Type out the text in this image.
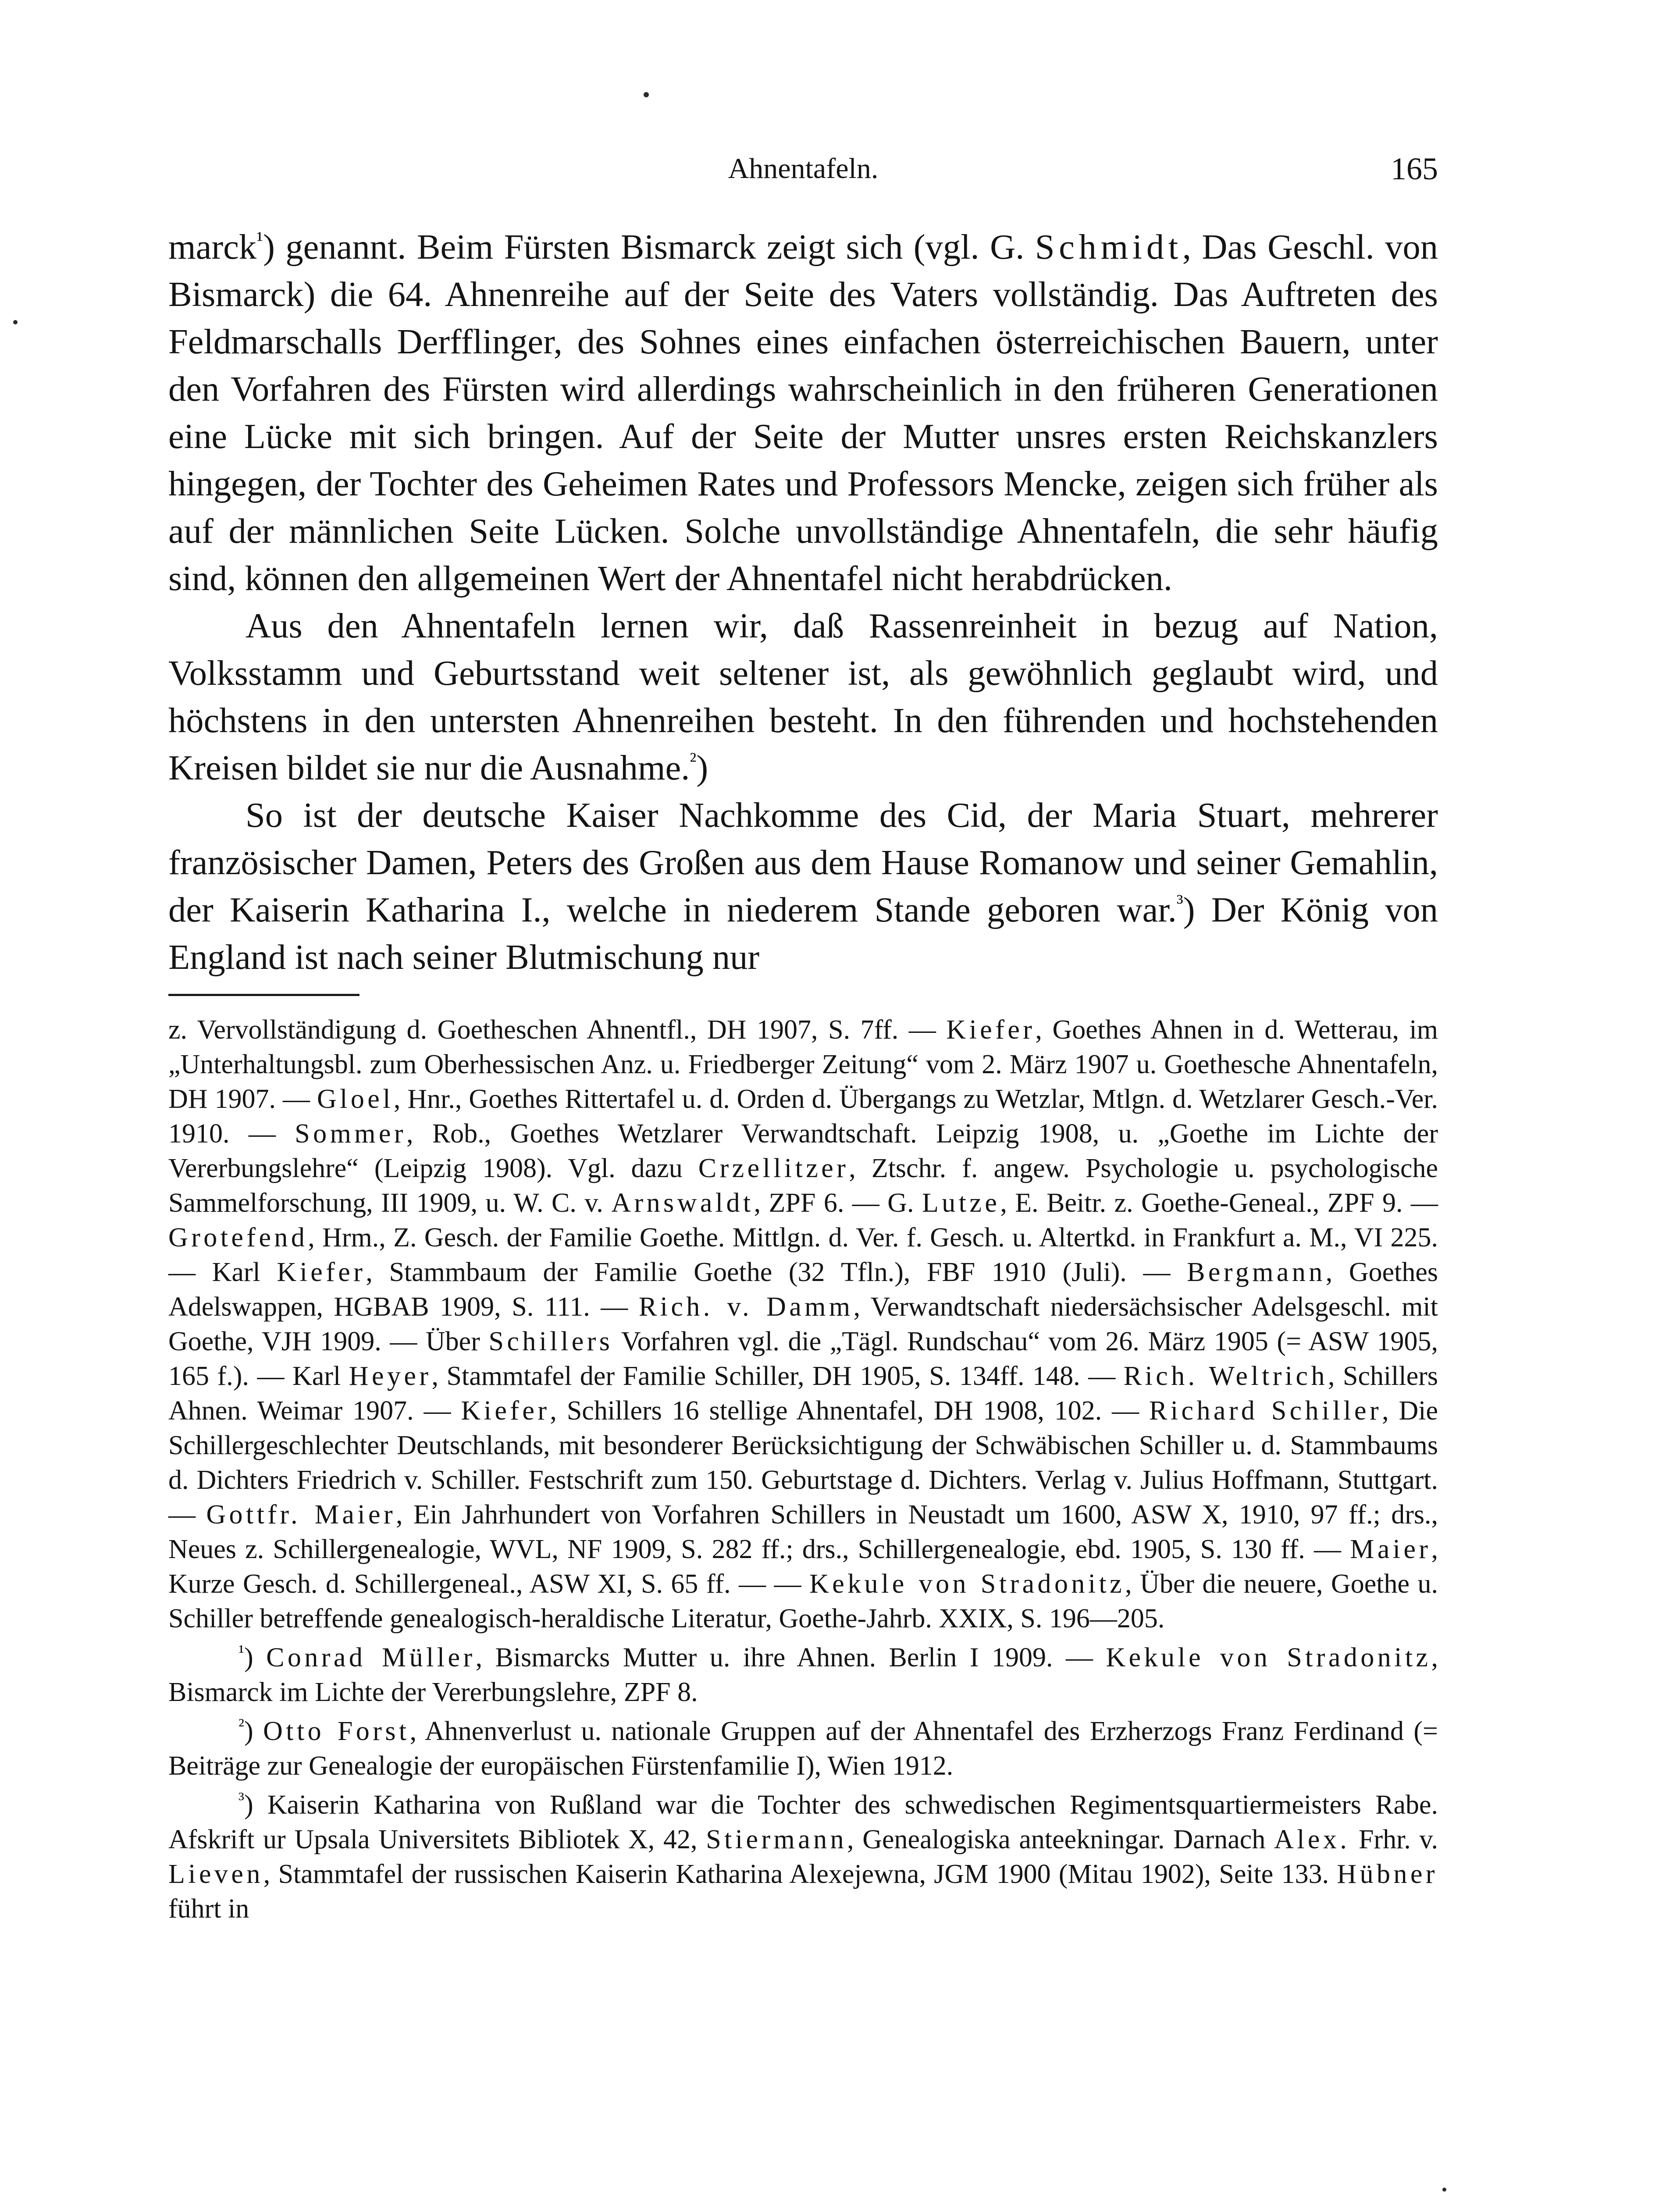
Ahnentafeln.	165

marck$^{^1}$) genannt. Beim Fürsten Bismarck zeigt sich (vgl. G. Schmidt, Das Geschl. von Bismarck) die 64. Ahnenreihe auf der Seite des Vaters vollständig. Das Auftreten des Feldmarschalls Derfflinger, des Sohnes eines einfachen österreichischen Bauern, unter den Vorfahren des Fürsten wird allerdings wahrscheinlich in den früheren Generationen eine Lücke mit sich bringen. Auf der Seite der Mutter unsres ersten Reichskanzlers hingegen, der Tochter des Geheimen Rates und Professors Mencke, zeigen sich früher als auf der männlichen Seite Lücken. Solche unvollständige Ahnentafeln, die sehr häufig sind, können den allgemeinen Wert der Ahnentafel nicht herabdrücken.

Aus den Ahnentafeln lernen wir, daß Rassenreinheit in bezug auf Nation, Volksstamm und Geburtsstand weit seltener ist, als gewöhnlich geglaubt wird, und höchstens in den untersten Ahnenreihen besteht. In den führenden und hochstehenden Kreisen bildet sie nur die Ausnahme.$^{^2}$)

So ist der deutsche Kaiser Nachkomme des Cid, der Maria Stuart, mehrerer französischer Damen, Peters des Großen aus dem Hause Romanow und seiner Gemahlin, der Kaiserin Katharina I., welche in niederem Stande geboren war.$^{^3}$) Der König von England ist nach seiner Blutmischung nur

z. Vervollständigung d. Goetheschen Ahnentfl., DH 1907, S. 7ff. — Kiefer, Goethes Ahnen in d. Wetterau, im „Unterhaltungsbl. zum Oberhessischen Anz. u. Friedberger Zeitung“ vom 2. März 1907 u. Goethesche Ahnentafeln, DH 1907. — Gloel, Hnr., Goethes Rittertafel u. d. Orden d. Übergangs zu Wetzlar, Mtlgn. d. Wetzlarer Gesch.-Ver. 1910. — Sommer, Rob., Goethes Wetzlarer Verwandtschaft. Leipzig 1908, u. „Goethe im Lichte der Vererbungslehre“ (Leipzig 1908). Vgl. dazu Crzellitzer, Ztschr. f. angew. Psychologie u. psychologische Sammelforschung, III 1909, u. W. C. v. Arnswaldt, ZPF 6. — G. Lutze, E. Beitr. z. Goethe-Geneal., ZPF 9. — Grotefend, Hrm., Z. Gesch. der Familie Goethe. Mittlgn. d. Ver. f. Gesch. u. Altertkd. in Frankfurt a. M., VI 225. — Karl Kiefer, Stammbaum der Familie Goethe (32 Tfln.), FBF 1910 (Juli). — Bergmann, Goethes Adelswappen, HGBAB 1909, S. 111. — Rich. v. Damm, Verwandtschaft niedersächsischer Adelsgeschl. mit Goethe, VJH 1909. — Über Schillers Vorfahren vgl. die „Tägl. Rundschau“ vom 26. März 1905 (= ASW 1905, 165 f.). — Karl Heyer, Stammtafel der Familie Schiller, DH 1905, S. 134ff. 148. — Rich. Weltrich, Schillers Ahnen. Weimar 1907. — Kiefer, Schillers 16 stellige Ahnentafel, DH 1908, 102. — Richard Schiller, Die Schillergeschlechter Deutschlands, mit besonderer Berücksichtigung der Schwäbischen Schiller u. d. Stammbaums d. Dichters Friedrich v. Schiller. Festschrift zum 150. Geburtstage d. Dichters. Verlag v. Julius Hoffmann, Stuttgart. — Gottfr. Maier, Ein Jahrhundert von Vorfahren Schillers in Neustadt um 1600, ASW X, 1910, 97 ff.; drs., Neues z. Schillergenealogie, WVL, NF 1909, S. 282 ff.; drs., Schillergenealogie, ebd. 1905, S. 130 ff. — Maier, Kurze Gesch. d. Schillergeneal., ASW XI, S. 65 ff. — — Kekule von Stradonitz, Über die neuere, Goethe u. Schiller betreffende genealogisch-heraldische Literatur, Goethe-Jahrb. XXIX, S. 196—205.

$^{^1}$) Conrad Müller, Bismarcks Mutter u. ihre Ahnen. Berlin I 1909. — Kekule von Stradonitz, Bismarck im Lichte der Vererbungslehre, ZPF 8.

$^{^2}$) Otto Forst, Ahnenverlust u. nationale Gruppen auf der Ahnentafel des Erzherzogs Franz Ferdinand (= Beiträge zur Genealogie der europäischen Fürstenfamilie I), Wien 1912.

$^{^3}$) Kaiserin Katharina von Rußland war die Tochter des schwedischen Regimentsquartiermeisters Rabe. Afskrift ur Upsala Universitets Bibliotek X, 42, Stiermann, Genealogiska anteekningar. Darnach Alex. Frhr. v. Lieven, Stammtafel der russischen Kaiserin Katharina Alexejewna, JGM 1900 (Mitau 1902), Seite 133. Hübner führt in
